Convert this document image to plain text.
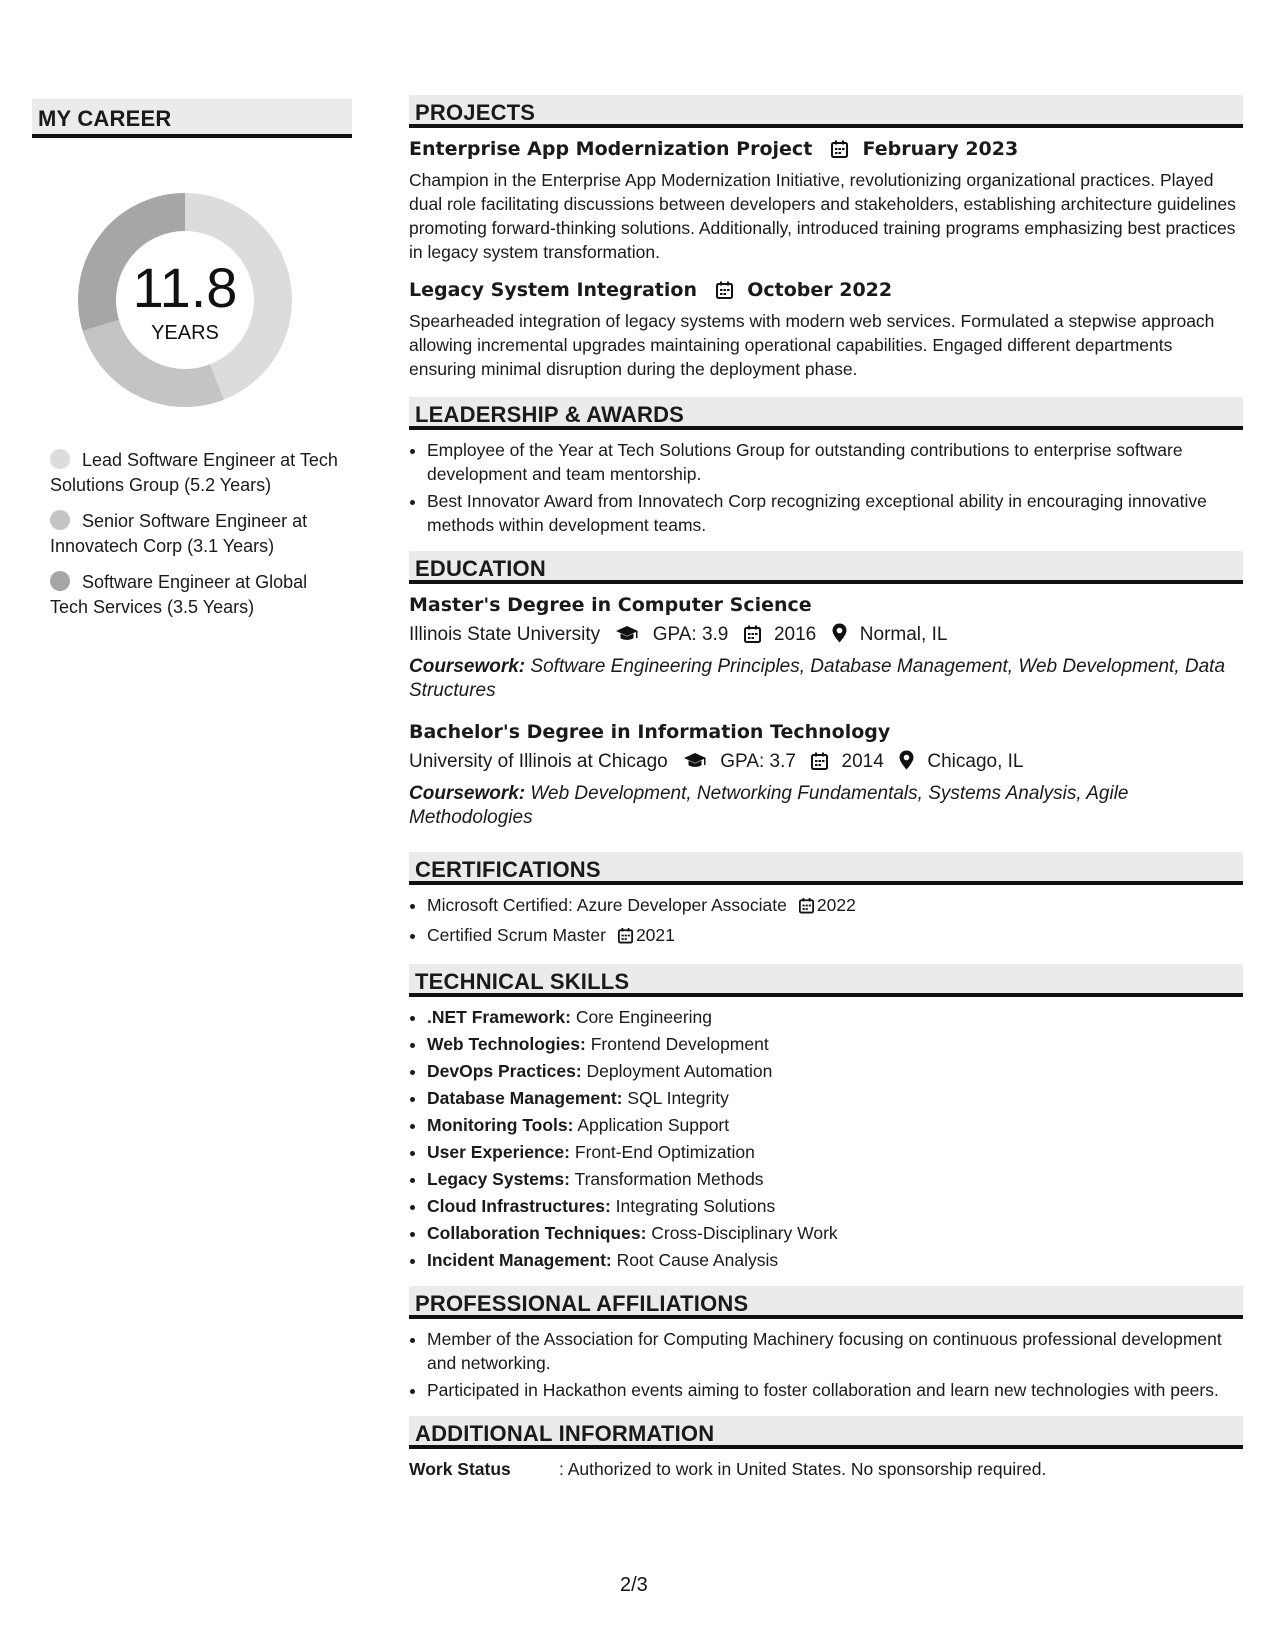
MY CAREER
11.8
YEARS
Lead Software Engineer at Tech Solutions Group (5.2 Years)
Senior Software Engineer at Innovatech Corp (3.1 Years)
Software Engineer at Global Tech Services (3.5 Years)
PROJECTS
Enterprise App Modernization Project	February 2023
Champion in the Enterprise App Modernization Initiative, revolutionizing organizational practices. Played dual role facilitating discussions between developers and stakeholders, establishing architecture guidelines promoting forward-thinking solutions. Additionally, introduced training programs emphasizing best practices in legacy system transformation.
Legacy System Integration	October 2022
Spearheaded integration of legacy systems with modern web services. Formulated a stepwise approach allowing incremental upgrades maintaining operational capabilities. Engaged different departments ensuring minimal disruption during the deployment phase.
LEADERSHIP & AWARDS
• Employee of the Year at Tech Solutions Group for outstanding contributions to enterprise software development and team mentorship.
• Best Innovator Award from Innovatech Corp recognizing exceptional ability in encouraging innovative methods within development teams.
EDUCATION
Master's Degree in Computer Science
Illinois State University	GPA: 3.9 2016 Normal, IL
Coursework: Software Engineering Principles, Database Management, Web Development, Data Structures
Bachelor's Degree in Information Technology
University of Illinois at Chicago	GPA: 3.7 2014 Chicago, IL
Coursework: Web Development, Networking Fundamentals, Systems Analysis, Agile Methodologies
CERTIFICATIONS
• Microsoft Certified: Azure Developer Associate 2022
• Certified Scrum Master 2021
TECHNICAL SKILLS
• .NET Framework: Core Engineering
• Web Technologies: Frontend Development
• DevOps Practices: Deployment Automation
• Database Management: SQL Integrity
• Monitoring Tools: Application Support
• User Experience: Front-End Optimization
• Legacy Systems: Transformation Methods
• Cloud Infrastructures: Integrating Solutions
• Collaboration Techniques: Cross-Disciplinary Work
• Incident Management: Root Cause Analysis
PROFESSIONAL AFFILIATIONS
• Member of the Association for Computing Machinery focusing on continuous professional development and networking.
• Participated in Hackathon events aiming to foster collaboration and learn new technologies with peers.
ADDITIONAL INFORMATION
Work Status	: Authorized to work in United States. No sponsorship required.
2/3
